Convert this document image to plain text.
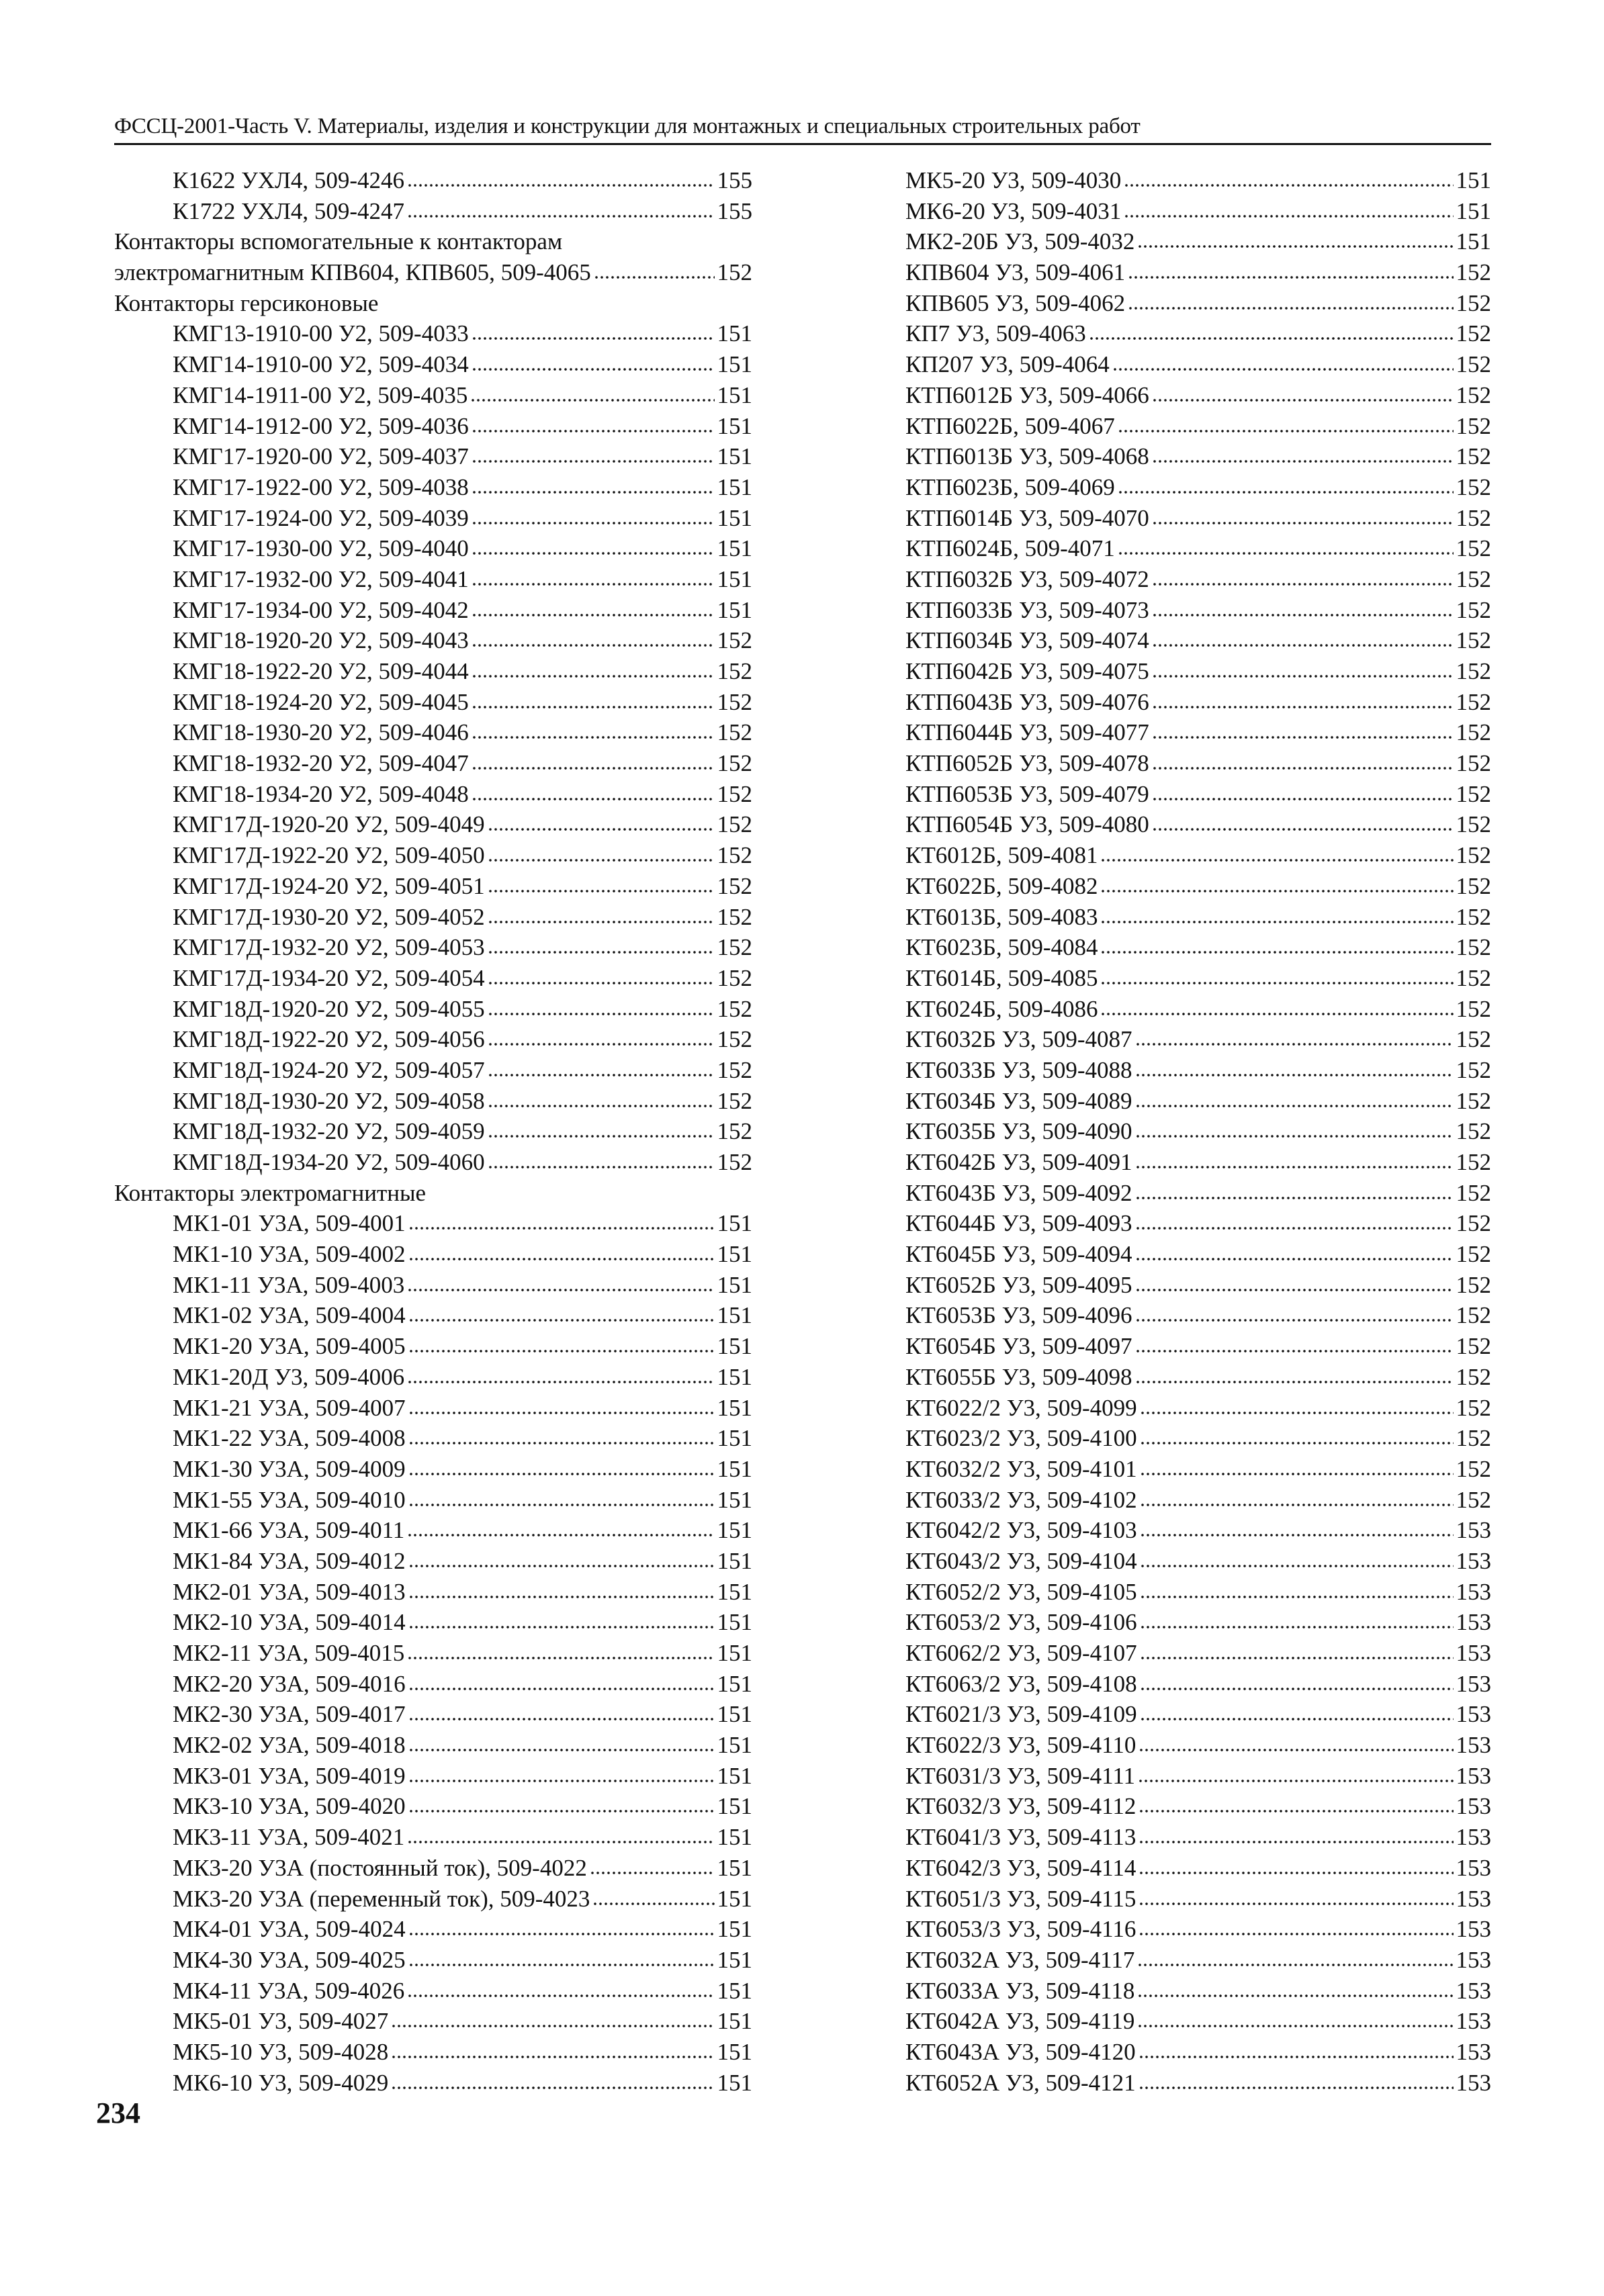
ФССЦ-2001-Часть V. Материалы, изделия и конструкции для монтажных и специальных строительных работ
К1622 УХЛ4, 509-4246	155
К1722 УХЛ4, 509-4247	155
Контакторы вспомогательные к контакторам
электромагнитным КПВ604, КПВ605, 509-4065	152
Контакторы герсиконовые
КМГ13-1910-00 У2, 509-4033	151
КМГ14-1910-00 У2, 509-4034	151
КМГ14-1911-00 У2, 509-4035	151
КМГ14-1912-00 У2, 509-4036	151
КМГ17-1920-00 У2, 509-4037	151
КМГ17-1922-00 У2, 509-4038	151
КМГ17-1924-00 У2, 509-4039	151
КМГ17-1930-00 У2, 509-4040	151
КМГ17-1932-00 У2, 509-4041	151
КМГ17-1934-00 У2, 509-4042	151
КМГ18-1920-20 У2, 509-4043	152
КМГ18-1922-20 У2, 509-4044	152
КМГ18-1924-20 У2, 509-4045	152
КМГ18-1930-20 У2, 509-4046	152
КМГ18-1932-20 У2, 509-4047	152
КМГ18-1934-20 У2, 509-4048	152
КМГ17Д-1920-20 У2, 509-4049	152
КМГ17Д-1922-20 У2, 509-4050	152
КМГ17Д-1924-20 У2, 509-4051	152
КМГ17Д-1930-20 У2, 509-4052	152
КМГ17Д-1932-20 У2, 509-4053	152
КМГ17Д-1934-20 У2, 509-4054	152
КМГ18Д-1920-20 У2, 509-4055	152
КМГ18Д-1922-20 У2, 509-4056	152
КМГ18Д-1924-20 У2, 509-4057	152
КМГ18Д-1930-20 У2, 509-4058	152
КМГ18Д-1932-20 У2, 509-4059	152
КМГ18Д-1934-20 У2, 509-4060	152
Контакторы электромагнитные
МК1-01 У3А, 509-4001	151
МК1-10 У3А, 509-4002	151
МК1-11 У3А, 509-4003	151
МК1-02 У3А, 509-4004	151
МК1-20 У3А, 509-4005	151
МК1-20Д У3, 509-4006	151
МК1-21 У3А, 509-4007	151
МК1-22 У3А, 509-4008	151
МК1-30 У3А, 509-4009	151
МК1-55 У3А, 509-4010	151
МК1-66 У3А, 509-4011	151
МК1-84 У3А, 509-4012	151
МК2-01 У3А, 509-4013	151
МК2-10 У3А, 509-4014	151
МК2-11 У3А, 509-4015	151
МК2-20 У3А, 509-4016	151
МК2-30 У3А, 509-4017	151
МК2-02 У3А, 509-4018	151
МК3-01 У3А, 509-4019	151
МК3-10 У3А, 509-4020	151
МК3-11 У3А, 509-4021	151
МК3-20 У3А (постоянный ток), 509-4022	151
МК3-20 У3А (переменный ток), 509-4023	151
МК4-01 У3А, 509-4024	151
МК4-30 У3А, 509-4025	151
МК4-11 У3А, 509-4026	151
МК5-01 У3, 509-4027	151
МК5-10 У3, 509-4028	151
МК6-10 У3, 509-4029	151
МК5-20 У3, 509-4030	151
МК6-20 У3, 509-4031	151
МК2-20Б У3, 509-4032	151
КПВ604 У3, 509-4061	152
КПВ605 У3, 509-4062	152
КП7 У3, 509-4063	152
КП207 У3, 509-4064	152
КТП6012Б У3, 509-4066	152
КТП6022Б, 509-4067	152
КТП6013Б У3, 509-4068	152
КТП6023Б, 509-4069	152
КТП6014Б У3, 509-4070	152
КТП6024Б, 509-4071	152
КТП6032Б У3, 509-4072	152
КТП6033Б У3, 509-4073	152
КТП6034Б У3, 509-4074	152
КТП6042Б У3, 509-4075	152
КТП6043Б У3, 509-4076	152
КТП6044Б У3, 509-4077	152
КТП6052Б У3, 509-4078	152
КТП6053Б У3, 509-4079	152
КТП6054Б У3, 509-4080	152
КТ6012Б, 509-4081	152
КТ6022Б, 509-4082	152
КТ6013Б, 509-4083	152
КТ6023Б, 509-4084	152
КТ6014Б, 509-4085	152
КТ6024Б, 509-4086	152
КТ6032Б У3, 509-4087	152
КТ6033Б У3, 509-4088	152
КТ6034Б У3, 509-4089	152
КТ6035Б У3, 509-4090	152
КТ6042Б У3, 509-4091	152
КТ6043Б У3, 509-4092	152
КТ6044Б У3, 509-4093	152
КТ6045Б У3, 509-4094	152
КТ6052Б У3, 509-4095	152
КТ6053Б У3, 509-4096	152
КТ6054Б У3, 509-4097	152
КТ6055Б У3, 509-4098	152
КТ6022/2 У3, 509-4099	152
КТ6023/2 У3, 509-4100	152
КТ6032/2 У3, 509-4101	152
КТ6033/2 У3, 509-4102	152
КТ6042/2 У3, 509-4103	153
КТ6043/2 У3, 509-4104	153
КТ6052/2 У3, 509-4105	153
КТ6053/2 У3, 509-4106	153
КТ6062/2 У3, 509-4107	153
КТ6063/2 У3, 509-4108	153
КТ6021/3 У3, 509-4109	153
КТ6022/3 У3, 509-4110	153
КТ6031/3 У3, 509-4111	153
КТ6032/3 У3, 509-4112	153
КТ6041/3 У3, 509-4113	153
КТ6042/3 У3, 509-4114	153
КТ6051/3 У3, 509-4115	153
КТ6053/3 У3, 509-4116	153
КТ6032А У3, 509-4117	153
КТ6033А У3, 509-4118	153
КТ6042А У3, 509-4119	153
КТ6043А У3, 509-4120	153
КТ6052А У3, 509-4121	153
234
